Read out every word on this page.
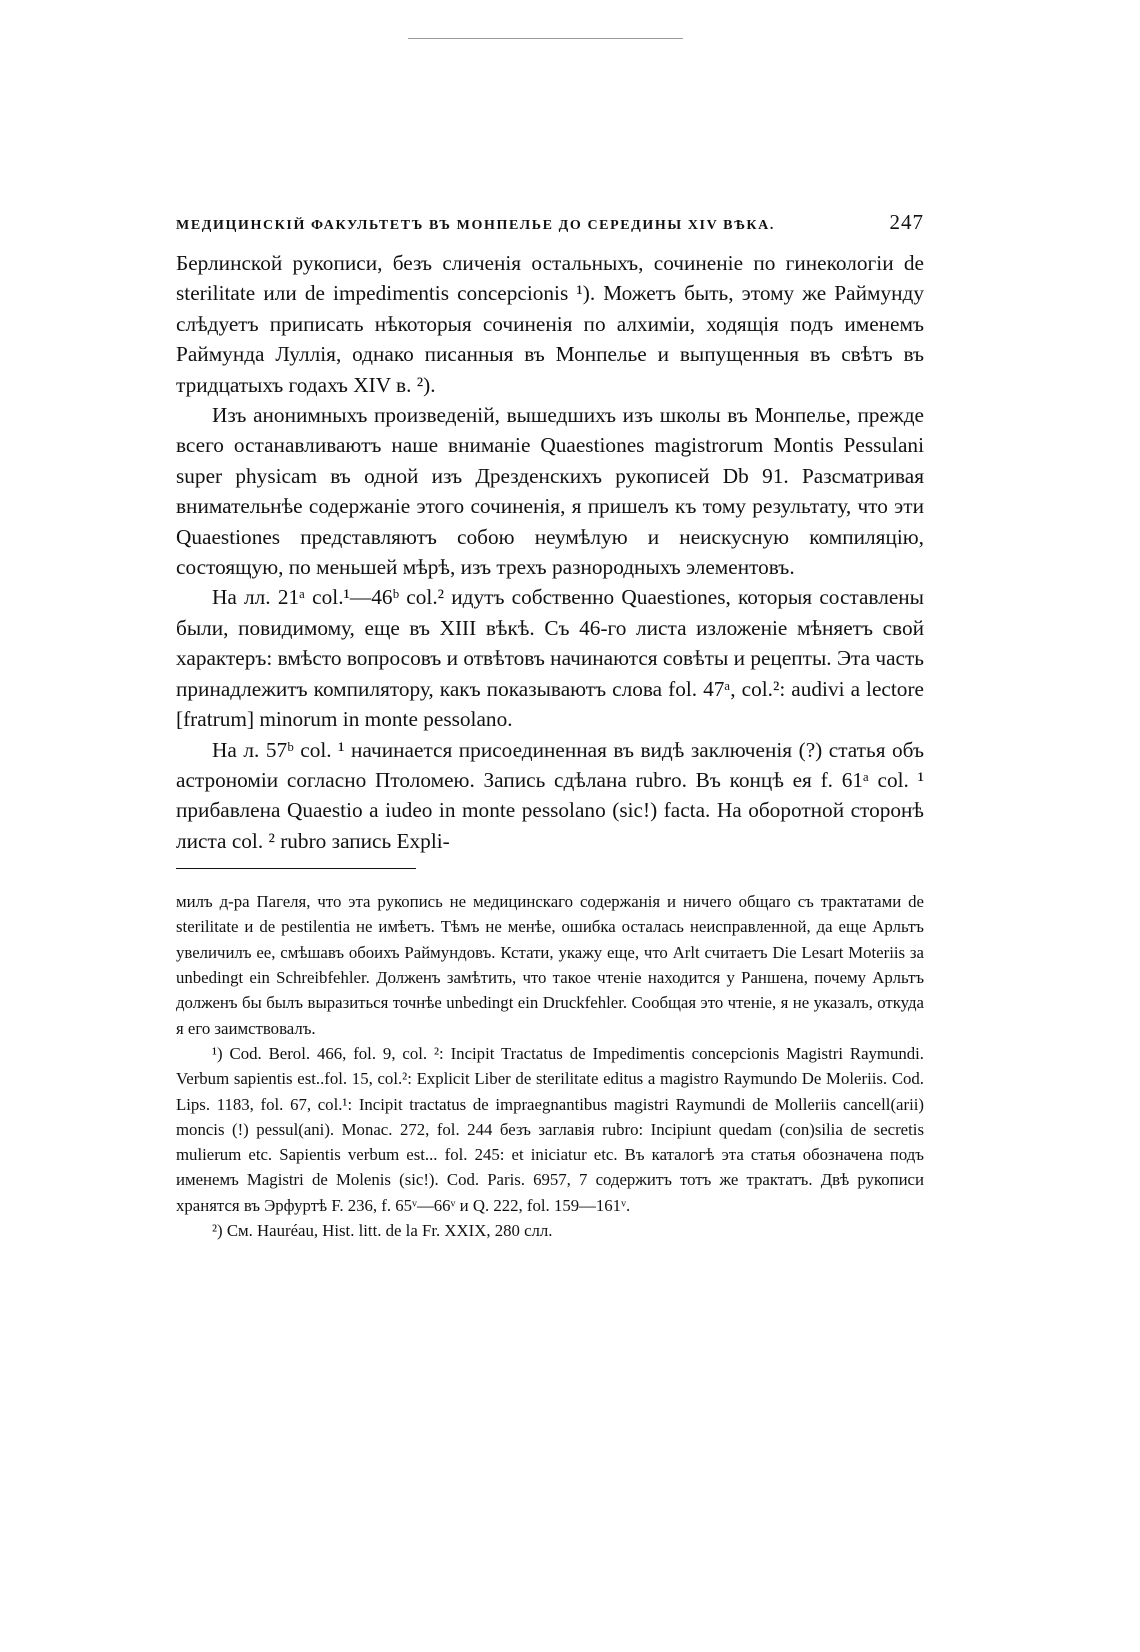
МЕДИЦИНСКІЙ ФАКУЛЬТЕТЪ ВЪ МОНПЕЛЬЕ ДО СЕРЕДИНЫ XIV ВѢКА.	247

Берлинской рукописи, безъ сличенія остальныхъ, сочиненіе по гинекологіи de sterilitate или de impedimentis concepcionis ¹). Можетъ быть, этому же Раймунду слѣдуетъ приписать нѣкоторыя сочиненія по алхиміи, ходящія подъ именемъ Раймунда Луллія, однако писанныя въ Монпелье и выпущенныя въ свѣтъ въ тридцатыхъ годахъ XIV в. ²).

Изъ анонимныхъ произведеній, вышедшихъ изъ школы въ Монпелье, прежде всего останавливаютъ наше вниманіе Quaestiones magistrorum Montis Pessulani super physicam въ одной изъ Дрезденскихъ рукописей Db 91. Разсматривая внимательнѣе содержаніе этого сочиненія, я пришелъ къ тому результату, что эти Quaestiones представляютъ собою неумѣлую и неискусную компиляцію, состоящую, по меньшей мѣрѣ, изъ трехъ разнородныхъ элементовъ.

На лл. 21ᵃ col.¹—46ᵇ col.² идутъ собственно Quaestiones, которыя составлены были, повидимому, еще въ XIII вѣкѣ. Съ 46-го листа изложеніе мѣняетъ свой характеръ: вмѣсто вопросовъ и отвѣтовъ начинаются совѣты и рецепты. Эта часть принадлежитъ компилятору, какъ показываютъ слова fol. 47ᵃ, col.²: audivi a lectore [fratrum] minorum in monte pessolano.

На л. 57ᵇ col. ¹ начинается присоединенная въ видѣ заключенія (?) статья объ астрономіи согласно Птоломею. Запись сдѣлана rubro. Въ концѣ ея f. 61ᵃ col. ¹ прибавлена Quaestio a iudeo in monte pessolano (sic!) facta. На оборотной сторонѣ листа col. ² rubro запись Expli-

милъ д-ра Пагеля, что эта рукопись не медицинскаго содержанія и ничего общаго съ трактатами de sterilitate и de pestilentia не имѣетъ. Тѣмъ не менѣе, ошибка осталась неисправленной, да еще Арльтъ увеличилъ ее, смѣшавъ обоихъ Раймундовъ. Кстати, укажу еще, что Arlt считаетъ Die Lesart Moteriis за unbedingt ein Schreibfehler. Долженъ замѣтить, что такое чтеніе находится у Раншена, почему Арльтъ долженъ бы былъ выразиться точнѣе unbedingt ein Druckfehler. Сообщая это чтеніе, я не указалъ, откуда я его заимствовалъ.

¹) Cod. Berol. 466, fol. 9, col. ²: Incipit Tractatus de Impedimentis concepcionis Magistri Raymundi. Verbum sapientis est..fol. 15, col.²: Explicit Liber de sterilitate editus a magistro Raymundo De Moleriis. Cod. Lips. 1183, fol. 67, col.¹: Incipit tractatus de impraegnantibus magistri Raymundi de Molleriis cancell(arii) moncis (!) pessul(ani). Monac. 272, fol. 244 безъ заглавія rubro: Incipiunt quedam (con)silia de secretis mulierum etc. Sapientis verbum est... fol. 245: et iniciatur etc. Въ каталогѣ эта статья обозначена подъ именемъ Magistri de Molenis (sic!). Cod. Paris. 6957, 7 содержитъ тотъ же трактатъ. Двѣ рукописи хранятся въ Эрфуртѣ F. 236, f. 65ᵛ—66ᵛ и Q. 222, fol. 159—161ᵛ.

²) См. Hauréau, Hist. litt. de la Fr. XXIX, 280 слл.
